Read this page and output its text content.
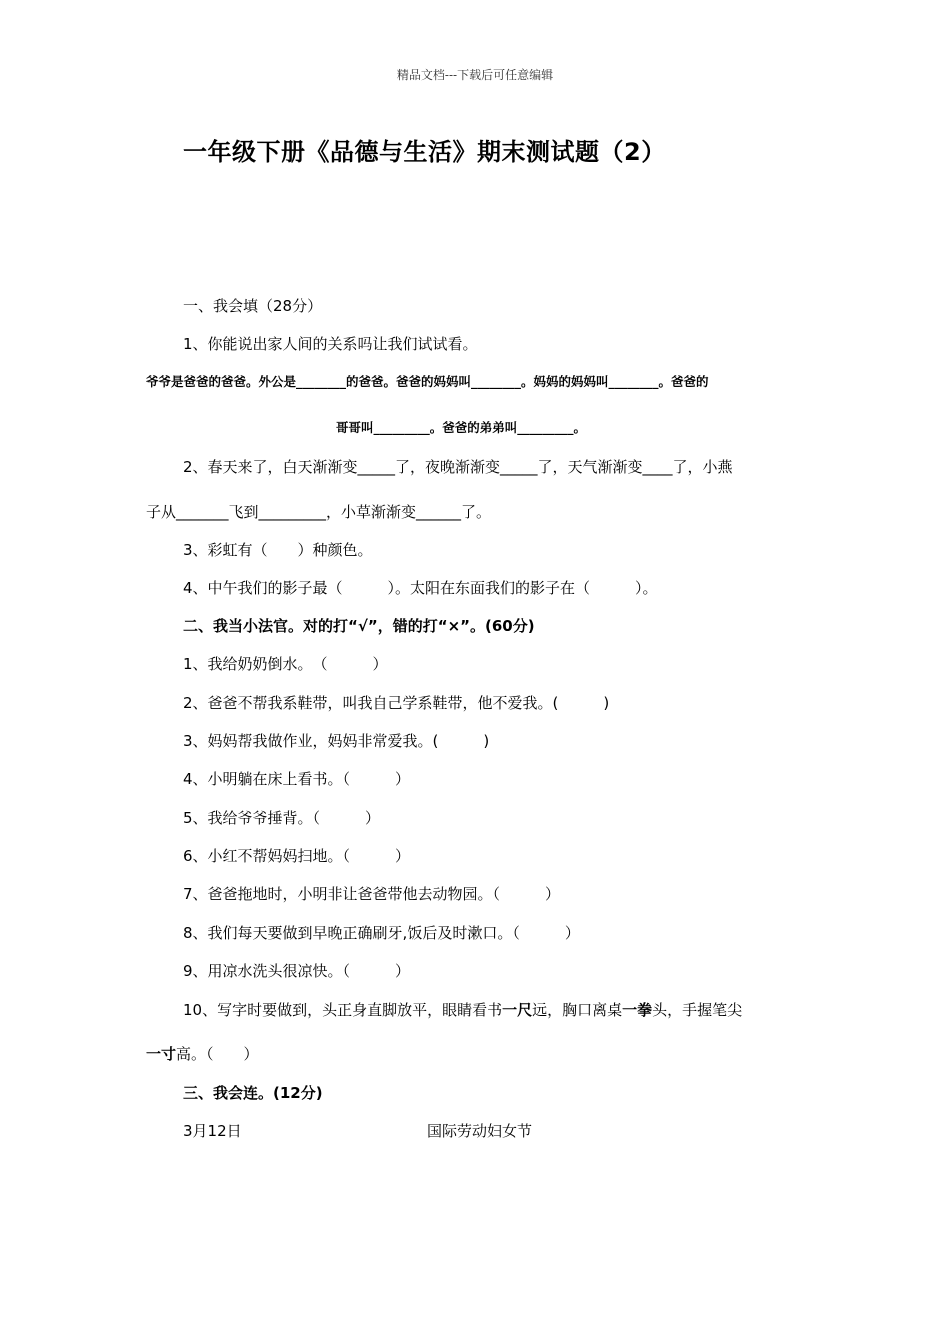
精品文档---下载后可任意编辑
一年级下册《品德与生活》期末测试题（2）
一、我会填（28分）
1、你能说出家人间的关系吗让我们试试看。
爷爷是爸爸的爸爸。外公是________的爸爸。爸爸的妈妈叫________。妈妈的妈妈叫________。爸爸的
哥哥叫_________。爸爸的弟弟叫_________。
2、春天来了，白天渐渐变_____了，夜晚渐渐变_____了，天气渐渐变____了，小燕
子从_______飞到_________，小草渐渐变______了。
3、彩虹有（　　）种颜色。
4、中午我们的影子最（　　　）。太阳在东面我们的影子在（　　　）。
二、我当小法官。对的打“√”，错的打“×”。(60分)
1、我给奶奶倒水。　（　　　）
2、爸爸不帮我系鞋带，叫我自己学系鞋带，他不爱我。(　　　)
3、妈妈帮我做作业，妈妈非常爱我。(　　　)
4、小明躺在床上看书。（　　　）
5、我给爷爷捶背。（　　　）
6、小红不帮妈妈扫地。（　　　）
7、爸爸拖地时，小明非让爸爸带他去动物园。（　　　）
8、我们每天要做到早晚正确刷牙,饭后及时漱口。（　　　）
9、用凉水洗头很凉快。（　　　）
10、写字时要做到，头正身直脚放平，眼睛看书一尺远，胸口离桌一拳头，手握笔尖
一寸高。（　　）
三、我会连。(12分)
3月12日	国际劳动妇女节
